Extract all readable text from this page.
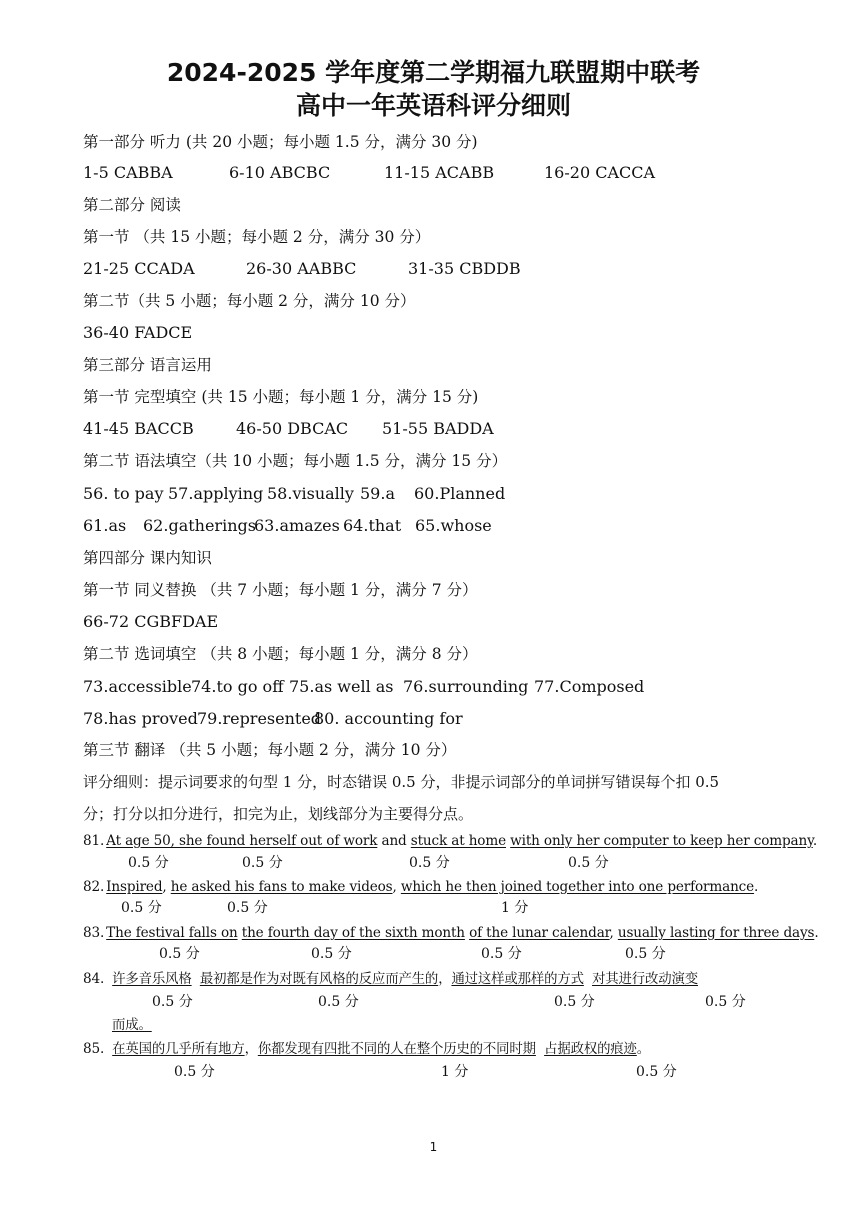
2024-2025 学年度第二学期福九联盟期中联考
高中一年英语科评分细则
第一部分 听力 (共 20 小题；每小题 1.5 分，满分 30 分)
1-5 CABBA	6-10 ABCBC	11-15 ACABB	16-20 CACCA
第二部分 阅读
第一节 （共 15 小题；每小题 2 分，满分 30 分）
21-25 CCADA	26-30 AABBC	31-35 CBDDB
第二节（共 5 小题；每小题 2 分，满分 10 分）
36-40 FADCE
第三部分 语言运用
第一节 完型填空 (共 15 小题；每小题 1 分，满分 15 分)
41-45 BACCB	46-50 DBCAC 51-55 BADDA
第二节 语法填空（共 10 小题；每小题 1.5 分，满分 15 分）
56. to pay 57.applying 58.visually 59.a 60.Planned
61.as 62.gatherings
63.amazes 64.that 65.whose
第四部分 课内知识
第一节 同义替换 （共 7 小题；每小题 1 分，满分 7 分）
66-72 CGBFDAE
第二节 选词填空 （共 8 小题；每小题 1 分，满分 8 分）
73.accessible 74.to go off 75.as well as 76.surrounding 77.Composed
78.has proved 79.represented
80. accounting for
第三节 翻译 （共 5 小题；每小题 2 分，满分 10 分）
评分细则：提示词要求的句型 1 分，时态错误 0.5 分，非提示词部分的单词拼写错误每个扣 0.5
分；打分以扣分进行，扣完为止，划线部分为主要得分点。
81. At age 50, she found herself out of work and stuck at home with only her computer to keep her company.
0.5 分	0.5 分	0.5 分	0.5 分
82. Inspired, he asked his fans to make videos, which he then joined together into one performance.
0.5 分	0.5 分	1 分
83. The festival falls on the fourth day of the sixth month of the lunar calendar, usually lasting for three days.
0.5 分	0.5 分	0.5 分	0.5 分
84. 许多音乐风格 最初都是作为对既有风格的反应而产生的，通过这样或那样的方式 对其进行改动演变
0.5 分	0.5 分	0.5 分	0.5 分
而成。
85. 在英国的几乎所有地方，你都发现有四批不同的人在整个历史的不同时期 占据政权的痕迹。
0.5 分	1 分	0.5 分
1
